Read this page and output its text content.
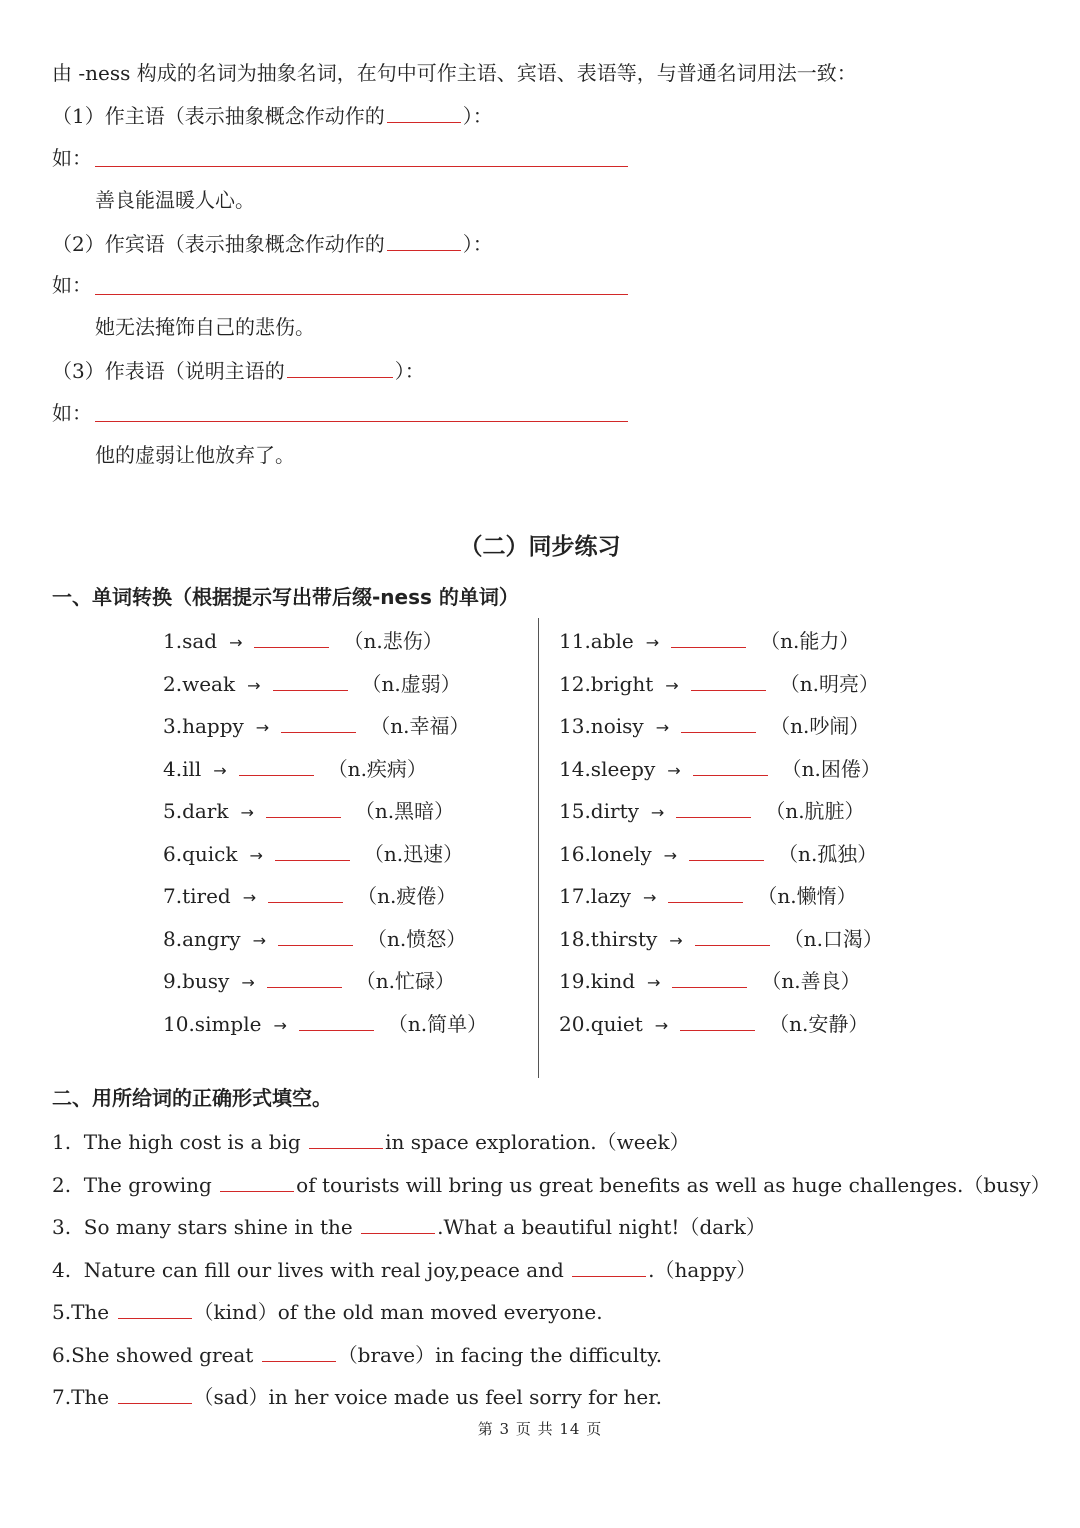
由 -ness 构成的名词为抽象名词，在句中可作主语、宾语、表语等，与普通名词用法一致：
（1）作主语（表示抽象概念作动作的	）：
如：
善良能温暖人心。
（2）作宾语（表示抽象概念作动作的	）：
如：
她无法掩饰自己的悲伤。
（3）作表语（说明主语的	）：
如：
他的虚弱让他放弃了。
（二）同步练习
一、单词转换（根据提示写出带后缀-ness 的单词）
1.sad →	（n.悲伤）
2.weak →	（n.虚弱）
3.happy →	（n.幸福）
4.ill →	（n.疾病）
5.dark →	（n.黑暗）
6.quick →	（n.迅速）
7.tired →	（n.疲倦）
8.angry →	（n.愤怒）
9.busy →	（n.忙碌）
10.simple →	（n.简单）
11.able →	（n.能力）
12.bright →	（n.明亮）
13.noisy →	（n.吵闹）
14.sleepy →	（n.困倦）
15.dirty →	（n.肮脏）
16.lonely →	（n.孤独）
17.lazy →	（n.懒惰）
18.thirsty →	（n.口渴）
19.kind →	（n.善良）
20.quiet →	（n.安静）
二、用所给词的正确形式填空。
1.  The high cost is a big	in space exploration.（week）
2.  The growing	of tourists will bring us great benefits as well as huge challenges.（busy）
3.  So many stars shine in the	.What a beautiful night!（dark）
4.  Nature can fill our lives with real joy,peace and	.（happy）
5.The	（kind）of the old man moved everyone.
6.She showed great	（brave）in facing the difficulty.
7.The	（sad）in her voice made us feel sorry for her.
第 3 页 共 14 页
